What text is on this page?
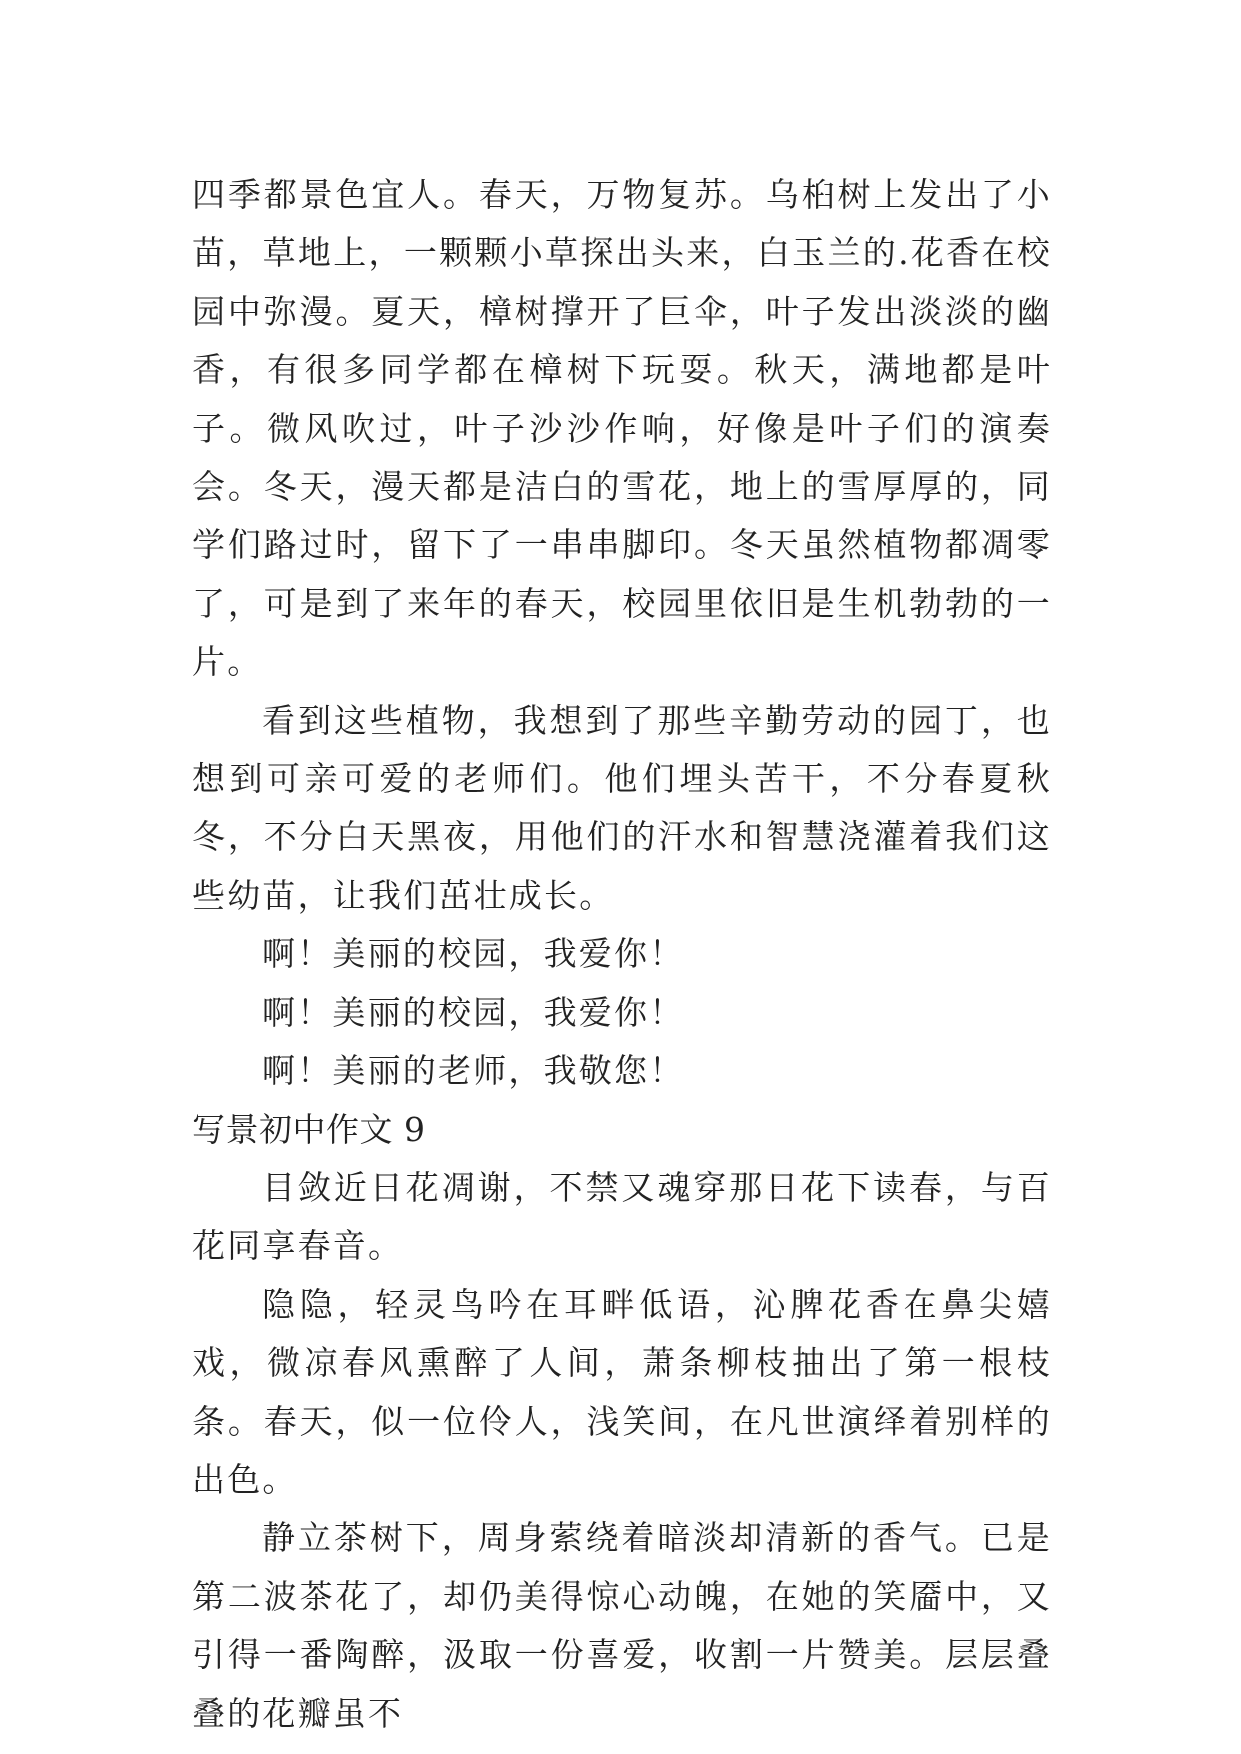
四季都景色宜人。春天，万物复苏。乌桕树上发出了小苗，草地上，一颗颗小草探出头来，白玉兰的.花香在校园中弥漫。夏天，樟树撑开了巨伞，叶子发出淡淡的幽香，有很多同学都在樟树下玩耍。秋天，满地都是叶子。微风吹过，叶子沙沙作响，好像是叶子们的演奏会。冬天，漫天都是洁白的雪花，地上的雪厚厚的，同学们路过时，留下了一串串脚印。冬天虽然植物都凋零了，可是到了来年的春天，校园里依旧是生机勃勃的一片。

看到这些植物，我想到了那些辛勤劳动的园丁，也想到可亲可爱的老师们。他们埋头苦干，不分春夏秋冬，不分白天黑夜，用他们的汗水和智慧浇灌着我们这些幼苗，让我们茁壮成长。

啊！美丽的校园，我爱你！

啊！美丽的校园，我爱你！

啊！美丽的老师，我敬您！

写景初中作文 9

目敛近日花凋谢，不禁又魂穿那日花下读春，与百花同享春音。

隐隐，轻灵鸟吟在耳畔低语，沁脾花香在鼻尖嬉戏，微凉春风熏醉了人间，萧条柳枝抽出了第一根枝条。春天，似一位伶人，浅笑间，在凡世演绎着别样的出色。

静立茶树下，周身萦绕着暗淡却清新的香气。已是第二波茶花了，却仍美得惊心动魄，在她的笑靥中，又引得一番陶醉，汲取一份喜爱，收割一片赞美。层层叠叠的花瓣虽不
